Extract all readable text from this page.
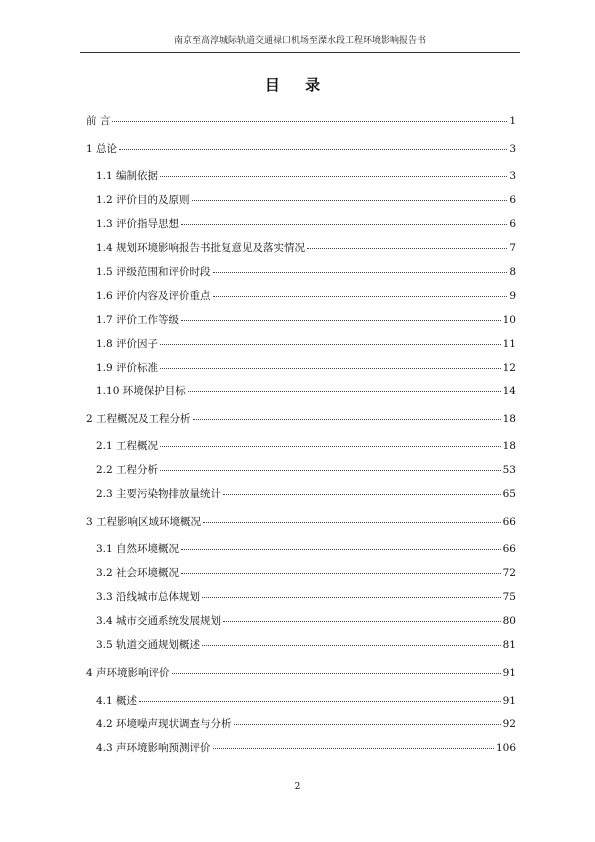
南京至高淳城际轨道交通禄口机场至溧水段工程环境影响报告书
目 录
前 言	1
1 总论	3
1.1 编制依据	3
1.2 评价目的及原则	6
1.3 评价指导思想	6
1.4 规划环境影响报告书批复意见及落实情况	7
1.5 评级范围和评价时段	8
1.6 评价内容及评价重点	9
1.7 评价工作等级	10
1.8 评价因子	11
1.9 评价标准	12
1.10 环境保护目标	14
2 工程概况及工程分析	18
2.1 工程概况	18
2.2 工程分析	53
2.3 主要污染物排放量统计	65
3 工程影响区域环境概况	66
3.1 自然环境概况	66
3.2 社会环境概况	72
3.3 沿线城市总体规划	75
3.4 城市交通系统发展规划	80
3.5 轨道交通规划概述	81
4 声环境影响评价	91
4.1 概述	91
4.2 环境噪声现状调查与分析	92
4.3 声环境影响预测评价	106
2
